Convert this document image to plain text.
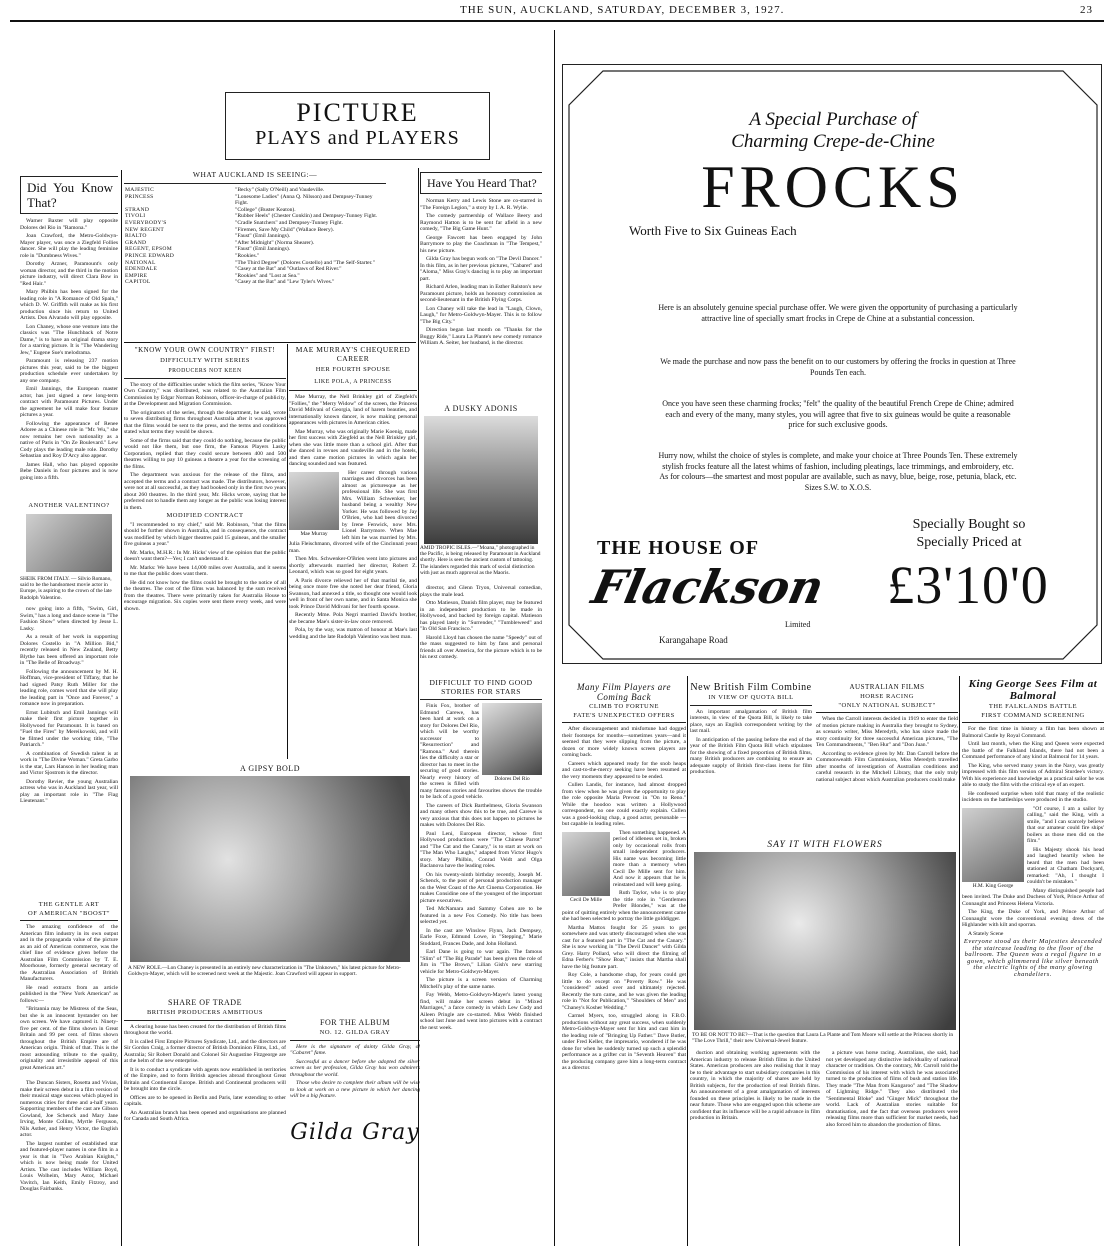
THE SUN, AUCKLAND, SATURDAY, DECEMBER 3, 1927.	23
PICTURE
PLAYS and PLAYERS
Did You Know That?

Warner Baxter will play opposite Dolores del Rio in "Ramona."

Joan Crawford, the Metro-Goldwyn-Mayer player, was once a Ziegfeld Follies dancer. She will play the leading feminine role in "Dumbness Wives."

Dorothy Arzner, Paramount's only woman director, and the third in the motion picture industry, will direct Clara Bow in "Red Hair."

Mary Philbin has been signed for the leading role in "A Romance of Old Spain," which D. W. Griffith will make as his first production since his return to United Artists. Don Alvarado will play opposite.

Lon Chaney, whose one venture into the classics was "The Hunchback of Notre Dame," is to have an original drama story for a starring picture. It is "The Wandering Jew," Eugene Sue's melodrama.

Paramount is releasing 237 motion pictures this year, said to be the biggest production schedule ever undertaken by any one company.

Emil Jannings, the European master actor, has just signed a new long-term contract with Paramount Pictures. Under the agreement he will make four feature pictures a year.

Following the appearance of Renee Adoree as a Chinese role in "Mr. Wu," she now remains her own nationality as a native of Paris in "On Ze Boulevard." Lew Cody plays the leading male role. Dorothy Sebastian and Roy D'Arcy also appear.

James Hall, who has played opposite Bebe Daniels in four pictures and is now going into a fifth.

ANOTHER VALENTINO?
SHEIK FROM ITALY. — Silvio Romano, said to be the handsomest movie actor in Europe, is aspiring to the crown of the late Rudolph Valentino.

now going into a fifth, "Swim, Girl, Swim," has a long and dance scene in "The Fashion Show" when directed by Jesse L. Lasky.

As a result of her work in supporting Dolores Costello in "A Million Bid," recently released in New Zealand, Betty Blythe has been offered an important role in "The Belle of Broadway."

Following the announcement by M. H. Hoffman, vice-president of Tiffany, that he had signed Patsy Ruth Miller for the leading role, comes word that she will play the leading part in "Once and Forever," a romance now in preparation.

Ernst Lubitsch and Emil Jannings will make their first picture together in Hollywood for Paramount. It is based on "Fuel the Fires" by Mereikowski, and will be filmed under the working title, "The Patriarch."

A combination of Swedish talent is at work in "The Divine Woman." Greta Garbo is the star, Lars Hanson in her leading man and Victor Sjostrom is the director.

Dorothy Revier, the young Australian actress who was in Auckland last year, will play an important role in "The Flag Lieutenant."

THE GENTLE ART
OF AMERICAN "BOOST"

The amazing confidence of the American film industry in its own output and in the propaganda value of the picture as an aid of American commerce, was the chief line of evidence given before the Australian Film Commission by T. E. Moorhouse, formerly general secretary of the Australian Association of British Manufacturers.

He read extracts from an article published in the "New York American" as follows:—

"Britannia may be Mistress of the Seas, but she is an innocent bystander on her own screen. We have captured it. Ninety-five per cent. of the films shown in Great Britain and 99 per cent. of films shown throughout the British Empire are of American origin. Think of that. This is the most astounding tribute to the quality, originality and irresistible appeal of this great American art."

The Duncan Sisters, Rosetta and Vivian, make their screen debut in a film version of their musical stage success which played in numerous cities for three and a-half years. Supporting members of the cast are Gibson Gowland, Joe Schenck and Mary Jane Irving, Monte Collins, Myrtle Ferguson, Nils Asther, and Henry Victor, the English actor.

The largest number of established star and featured-player names in one film in a year is that in "Two Arabian Knights," which is now being made for United Artists. The cast includes William Boyd, Louis Wolheim, Mary Astor, Michael Vavitch, Ian Keith, Emily Fitzroy, and Douglas Fairbanks.

WHAT AUCKLAND IS SEEING:—
MAJESTIC	"Becky" (Sally O'Neill) and Vaudeville.
PRINCESS	"Lonesome Ladies" (Anna Q. Nilsson) and Dempsey-Tunney Fight.
STRAND	"College" (Buster Keaton).
TIVOLI	"Rubber Heels" (Chester Conklin) and Dempsey-Tunney Fight.
EVERYBODY'S	"Cradle Snatchers" and Dempsey-Tunney Fight.
NEW REGENT	"Firemen, Save My Child" (Wallace Beery).
RIALTO	"Faust" (Emil Jannings).
GRAND	"After Midnight" (Norma Shearer).
REGENT, EPSOM	"Faust" (Emil Jannings).
PRINCE EDWARD	"Rookies."
NATIONAL	"The Third Degree" (Dolores Costello) and "The Self-Starter."
EDENDALE	"Casey at the Bat" and "Outlaws of Red River."
EMPIRE	"Rookies" and "Lost at Sea."
CAPITOL	"Casey at the Bat" and "Lew Tyler's Wives."
"KNOW YOUR OWN COUNTRY" FIRST!
DIFFICULTY WITH SERIES
PRODUCERS NOT KEEN

The story of the difficulties under which the film series, "Know Your Own Country," was distributed, was related to the Australian Film Commission by Edgar Norman Robinson, officer-in-charge of publicity, at the Development and Migration Commission.

The originators of the series, through the department, he said, wrote to seven distributing firms throughout Australia after it was approved that the films would be sent to the press, and the terms and conditions stated what terms they would be shown.

Some of the firms said that they could do nothing, because the public would not like them, but one firm, the Famous Players Lasky Corporation, replied that they could secure between 400 and 500 theatres willing to pay 10 guineas a theatre a year for the screening of the films.

The department was anxious for the release of the films, and accepted the terms and a contract was made. The distributors, however, were not at all successful, as they had booked only in the first two years about 260 theatres. In the third year, Mr. Hicks wrote, saying that he preferred not to handle them any longer as the public was losing interest in them.

MODIFIED CONTRACT

"I recommended to my chief," said Mr. Robinson, "that the films should be further shown in Australia, and in consequence, the contract was modified by which bigger theatres paid 15 guineas, and the smaller five guineas a year."

Mr. Marks, M.H.R.: In Mr. Hicks' view of the opinion that the public doesn't want them?—Yes; I can't understand it.

Mr. Marks: We have been 14,000 miles over Australia, and it seems to me that the public does want them.

He did not know how the films could be brought to the notice of all the theatres. The cost of the films was balanced by the sum received from the theatres. There were primarily taken for Australia House to encourage migration. Six copies were sent there every week, and were shown.

MAE MURRAY'S CHEQUERED CAREER
HER FOURTH SPOUSE
LIKE POLA, A PRINCESS

Mae Murray, the Nell Brinkley girl of Ziegfeld's "Follies," the "Merry Widow" of the screen, the Princess David Mdivani of Georgia, land of harem beauties, and internationally known dancer, is now making personal appearances with pictures in American cities.

Mae Murray, who was originally Marie Koenig, made her first success with Ziegfeld as the Nell Brinkley girl, when she was little more than a school girl. After that she danced in revues and vaudeville and in the hotels, and then came motion pictures in which again her dancing sounded and was featured.

Mae Murray

Her career through various marriages and divorces has been almost as picturesque as her professional life. She was first Mrs. William Schwenker, her husband being a wealthy New Yorker. He was followed by Jay O'Brien, who had been divorced by Irene Fenwick, now Mrs. Lionel Barrymore. When Mae left him he was married by Mrs. Julia Fleischmann, divorced wife of the Cincinnati yeast man.

Then Mrs. Schwenker-O'Brien went into pictures and shortly afterwards married her director, Robert Z. Leonard, which was so good for eight years.

A Paris divorce relieved her of that marital tie, and being once more free she noted her dear friend, Gloria Swanson, had annexed a title, so thought one would look well in front of her own name, and in Santa Monica she took Prince David Mdivani for her fourth spouse.

Recently Mme. Pola Negri married David's brother, she became Mae's sister-in-law once removed.

Pola, by the way, was matron of honour at Mae's last wedding and the late Rudolph Valentino was best man.

A GIPSY BOLD
A NEW ROLE.—Lon Chaney is presented in an entirely new characterization in "The Unknown," his latest picture for Metro-Goldwyn-Mayer, which will be screened next week at the Majestic. Joan Crawford will appear in support.
SHARE OF TRADE
BRITISH PRODUCERS AMBITIOUS

A clearing house has been created for the distribution of British films throughout the world.

It is called First Empire Pictures Syndicate, Ltd., and the directors are Sir Gordon Craig, a former director of British Dominion Films, Ltd., of Australia; Sir Robert Donald and Colonel Sir Augustine Fitzgeorge are at the helm of the new enterprise.

It is to conduct a syndicate with agents now established in territories of the Empire, and to form British agencies abroad throughout Great Britain and Continental Europe. British and Continental producers will be brought into the circle.

Offices are to be opened in Berlin and Paris, later extending to other capitals.

An Australian branch has been opened and organisations are planned for Canada and South Africa.

FOR THE ALBUM
NO. 12. GILDA GRAY

Here is the signature of dainty Gilda Gray, of "Cabaret" fame.

Successful as a dancer before she adopted the silver screen as her profession, Gilda Gray has won admirers throughout the world.

Those who desire to complete their album will be wise to look at work on a new picture in which her dancing will be a big feature.

Gilda Gray
Have You Heard That?

Norman Kerry and Lewis Stone are co-starred in "The Foreign Legion," a story by I. A. R. Wylie.

The comedy partnership of Wallace Beery and Raymond Hatton is to be sent far afield in a new comedy, "The Big Game Hunt."

George Fawcett has been engaged by John Barrymore to play the Coachman in "The Tempest," his new picture.

Gilda Gray has begun work on "The Devil Dancer." In this film, as in her previous pictures, "Cabaret" and "Aloma," Miss Gray's dancing is to play an important part.

Richard Arlen, leading man in Esther Ralston's new Paramount picture, holds an honorary commission as second-lieutenant in the British Flying Corps.

Lon Chaney will take the lead in "Laugh, Clown, Laugh," for Metro-Goldwyn-Mayer. This is to follow "The Big City."

Direction began last month on "Thanks for the Buggy Ride," Laura La Plante's new comedy romance William A. Seiter, her husband, is the director.

A DUSKY ADONIS
AMID TROPIC ISLES.—"Moana," photographed in the Pacific, is being released by Paramount in Auckland shortly. Here is seen the ancient custom of tattooing. The islanders regarded this mark of social distinction with just as much approval as the Maoris.

director, and Glenn Tryon, Universal comedian, plays the male lead.

Otto Matieson, Danish film player, may be featured in an independent production to be made in Hollywood, and backed by foreign capital. Matieson has played lately in "Surrender," "Tumbleweed" and "In Old San Francisco."

Harold Lloyd has chosen the name "Speedy" out of the mass suggested to him by fans and personal friends all over America, for the picture which is to be his next comedy.

DIFFICULT TO FIND GOOD STORIES FOR STARS
Dolores Del Rio

Finis Fox, brother of Edmund Carewe, has been hard at work on a story for Dolores Del Rio, which will be worthy successor to "Resurrection" and "Ramona." And therein lies the difficulty a star or director has to meet in the securing of good stories. Nearly every history of the screen is filled with many famous stories and favourites shows the trouble to be lack of a good vehicle.

The careers of Dick Barthelmess, Gloria Swanson and many others show this to be true, and Carewe is very anxious that this does not happen to pictures he makes with Dolores Del Rio.

Paul Leni, European director, whose first Hollywood productions were "The Chinese Parrot" and "The Cat and the Canary," is to start at work on "The Man Who Laughs," adapted from Victor Hugo's story. Mary Philbin, Conrad Veidt and Olga Baclanova have the leading roles.

On his twenty-ninth birthday recently, Joseph M. Schenck, to the post of personal production manager on the West Coast of the Art Cinema Corporation. He makes Considine one of the youngest of the important picture executives.

Ted McNamara and Sammy Cohen are to be featured in a new Fox Comedy. No title has been selected yet.

In the cast are Winslow Flynn, Jack Dempsey, Earle Foxe, Edmund Lowe, in "Stepping," Marie Stoddard, Frances Dade, and John Holland.

Earl Dane is going to war again. The famous "Slim" of "The Big Parade" has been given the role of Jim in "The Brown," Lilian Gish's new starring vehicle for Metro-Goldwyn-Mayer.

The picture is a screen version of Charming Mitchell's play of the same name.

Fay Webb, Metro-Goldwyn-Mayer's latest young find, will make her screen debut in "Mixed Marriages," a farce comedy in which Lew Cody and Aileen Pringle are co-starred. Miss Webb finished school last June and went into pictures with a contract the next week.

A Special Purchase of
Charming Crepe-de-Chine
FROCKS
Worth Five to Six Guineas Each
Here is an absolutely genuine special purchase offer. We were given the opportunity of purchasing a particularly attractive line of specially smart frocks in Crepe de Chine at a substantial concession.
We made the purchase and now pass the benefit on to our customers by offering the frocks in question at Three Pounds Ten each.
Once you have seen these charming frocks; "felt" the quality of the beautiful French Crepe de Chine; admired each and every of the many, many styles, you will agree that five to six guineas would be quite a reasonable price for such exclusive goods.
Hurry now, whilst the choice of styles is complete, and make your choice at Three Pounds Ten. These extremely stylish frocks feature all the latest whims of fashion, including pleatings, lace trimmings, and embroidery, etc. As for colours—the smartest and most popular are available, such as navy, blue, beige, rose, petunia, black, etc. Sizes S.W. to X.O.S.
Specially Bought so
Specially Priced at
THE HOUSE OF
Flackson
Limited
£3'10'0
Karangahape Road
Many Film Players are Coming Back
CLIMB TO FORTUNE
FATE'S UNEXPECTED OFFERS

After discouragement and misfortune had dogged their footsteps for months—sometimes years—and it seemed that they were slipping from the picture, a dozen or more widely known screen players are coming back.

Careers which appeared ready for the snob heaps and cast-to-the-mercy seeking have been resumed at the very moments they appeared to be ended.

Cullen Landis, for instance, had almost dropped from view when he was given the opportunity to play the role opposite Maria Prevost in "On to Reno." While the hoodoo was written a Hollywood correspondent, no one could exactly explain. Cullen was a good-looking chap, a good actor, personable —but capable in leading roles.

Cecil De Mille

Then something happened. A period of idleness set in, broken only by occasional rolls from small independent producers. His name was becoming little more than a memory when Cecil De Mille sent for him. And now it appears that he is reinstated and will keep going.

Ruth Taylor, who is to play the title role in "Gentlemen Prefer Blondes," was at the point of quitting entirely when the announcement came she had been selected to portray the little golddigger.

Martha Mattox fought for 25 years to get somewhere and was utterly discouraged when she was cast for a featured part in "The Cat and the Canary." She is now working in "The Devil Dancer" with Gilda Grey. Harry Pollard, who will direct the filming of Edna Ferber's "Show Boat," insists that Martha shall have the big feature part.

Roy Cole, a handsome chap, for years could get little to do except on "Poverty Row." He was "considered" asked over and ultimately rejected. Recently the turn came, and he was given the leading role in "Not for Publication," "Shoulders of Men" and "Chaney's Kosher Wedding."

Carmel Myers, too, struggled along in F.B.O. productions without any great success, when suddenly Metro-Goldwyn-Mayer sent for him and cast him in the leading role of "Bringing Up Father." Dave Butler, under Fred Keller, the impresario, wondered if he was done for when he suddenly turned up such a splendid performance as a grifter cut in "Seventh Heaven" that the producing company gave him a long-term contract as a director.

New British Film Combine
IN VIEW OF QUOTA BILL

An important amalgamation of British film interests, in view of the Quota Bill, is likely to take place, says an English correspondent writing by the last mail.

In anticipation of the passing before the end of the year of the British Film Quota Bill which stipulates for the showing of a fixed proportion of British films, many British producers are combining to ensure an adequate supply of British first-class items for film production.

AUSTRALIAN FILMS
HORSE RACING
"ONLY NATIONAL SUBJECT"

When the Carroll interests decided in 1919 to enter the field of motion picture making in Australia they brought to Sydney, as scenario writer, Miss Meredyth, who has since made the story continuity for three successful American pictures, "The Ten Commandments," "Ben Hur" and "Don Juan."

According to evidence given by Mr. Dan Carroll before the Commonwealth Film Commission, Miss Meredyth travelled after months of investigation of Australian conditions and careful research in the Mitchell Library, that the only truly national subject about which Australian producers could make

SAY IT WITH FLOWERS
TO BE OR NOT TO BE?—That is the question that Laura La Plante and Tom Moore will settle at the Princess shortly in "The Love Thrill," their new Universal-Jewel feature.

duction and obtaining working agreements with the American industry to release British films in the United States. American producers are also realising that it may be to their advantage to start subsidiary companies in this country, in which the majority of shares are held by British subjects, for the production of real British films. An announcement of a great amalgamation of interests founded on these principles is likely to be made in the near future. Those who are engaged upon this scheme are confident that its influence will be a rapid advance in film production in Britain.

a picture was horse racing. Australians, she said, had not yet developed any distinctive individuality of national character or tradition. On the contrary, Mr. Carroll told the Commission of his interest with which he was associated turned to the production of films of bush and station life. They made "The Man from Kangaroo" and "The Shadow of Lightning Ridge." They also distributed the "Sentimental Bloke" and "Ginger Mick" throughout the world. Lack of Australian stories suitable for dramatisation, and the fact that overseas producers were releasing films more than sufficient for market needs, had also forced him to abandon the production of films.

King George Sees Film at Balmoral
THE FALKLANDS BATTLE
FIRST COMMAND SCREENING

For the first time in history a film has been shown at Balmoral Castle by Royal Command.

Until last month, when the King and Queen were expected the battle of the Falkland Islands, there had not been a Command performance of any kind at Balmoral for 14 years.

The King, who served many years in the Navy, was greatly impressed with this film version of Admiral Sturdee's victory. With his experience and knowledge as a practical sailor he was able to study the film with the critical eye of an expert.

He confessed surprise when told that many of the realistic incidents on the battleships were produced in the studio.

H.M. King George

"Of course, I am a sailor by calling," said the King, with a smile, "and I can scarcely believe that our amateur could fire ships' boilers as those men did on the film."

His Majesty shook his head and laughed heartily when he heard that the men had been stationed at Chatham Dockyard, remarked: "Ah, I thought I couldn't be mistaken."

Many distinguished people had been invited. The Duke and Duchess of York, Prince Arthur of Connaught and Princess Helena Victoria.

The King, the Duke of York, and Prince Arthur of Connaught wore the conventional evening dress of the Highlander with kilt and sporran.

A Stately Scene

Everyone stood as their Majesties descended the staircase leading to the floor of the ballroom. The Queen was a regal figure in a gown, which glimmered like silver beneath the electric lights of the many glowing chandeliers.
